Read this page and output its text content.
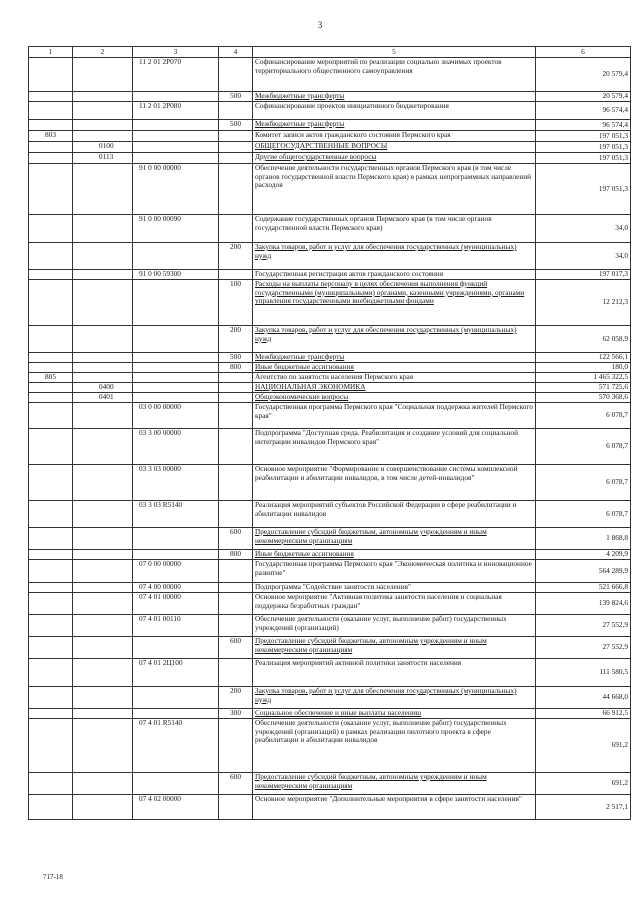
3
1	2	3	4	5	6
		11 2 01 2Р070		Софинансирование мероприятий по реализации социально значимых проектов территориального общественного самоуправления	20 579,4
			500	Межбюджетные трансферты	20 579,4
		11 2 01 2Р080		Софинансирование проектов инициативного бюджетирования	96 574,4
			500	Межбюджетные трансферты	96 574,4
803				Комитет записи актов гражданского состояния Пермского края	197 051,3
	0100			ОБЩЕГОСУДАРСТВЕННЫЕ ВОПРОСЫ	197 051,3
	0113			Другие общегосударственные вопросы	197 051,3
		91 0 00 00000		Обеспечение деятельности государственных органов Пермского края (в том числе органов государственной власти Пермского края) в рамках непрограммных направлений расходов	197 051,3
		91 0 00 00090		Содержание государственных органов Пермского края (в том числе органов государственной власти Пермского края)	34,0
			200	Закупка товаров, работ и услуг для обеспечения государственных (муниципальных) нужд	34,0
		91 0 00 59300		Государственная регистрация актов гражданского состояния	197 017,3
			100	Расходы на выплаты персоналу в целях обеспечения выполнения функций государственными (муниципальными) органами, казенными учреждениями, органами управления государственными внебюджетными фондами	12 212,3
			200	Закупка товаров, работ и услуг для обеспечения государственных (муниципальных) нужд	62 058,9
			500	Межбюджетные трансферты	122 566,1
			800	Иные бюджетные ассигнования	180,0
805				Агентство по занятости населения Пермского края	1 465 322,5
	0400			НАЦИОНАЛЬНАЯ ЭКОНОМИКА	571 725,6
	0401			Общеэкономические вопросы	570 368,6
		03 0 00 00000		Государственная программа Пермского края "Социальная поддержка жителей Пермского края"	6 078,7
		03 3 00 00000		Подпрограмма "Доступная среда. Реабилитация и создание условий для социальной интеграции инвалидов Пермского края"	6 078,7
		03 3 03 00000		Основное мероприятие "Формирование и совершенствование системы комплексной реабилитации и абилитации инвалидов, в том числе детей-инвалидов"	6 078,7
		03 3 03 R5140		Реализация мероприятий субъектов Российской Федерации в сфере реабилитации и абилитации инвалидов	6 078,7
			600	Предоставление субсидий бюджетным, автономным учреждениям и иным некоммерческим организациям	1 868,8
			800	Иные бюджетные ассигнования	4 209,9
		07 0 00 00000		Государственная программа Пермского края "Экономическая политика и инновационное развитие"	564 289,9
		07 4 00 00000		Подпрограмма "Содействие занятости населения"	521 666,8
		07 4 01 00000		Основное мероприятие "Активная политика занятости населения и социальная поддержка безработных граждан"	139 824,6
		07 4 01 00110		Обеспечение деятельности (оказание услуг, выполнение работ) государственных учреждений (организаций)	27 552,9
			600	Предоставление субсидий бюджетным, автономным учреждениям и иным некоммерческим организациям	27 552,9
		07 4 01 2Ц100		Реализация мероприятий активной политики занятости населения	111 580,5
			200	Закупка товаров, работ и услуг для обеспечения государственных (муниципальных) нужд	44 668,0
			300	Социальное обеспечение и иные выплаты населению	66 912,5
		07 4 01 R5140		Обеспечение деятельности (оказание услуг, выполнение работ) государственных учреждений (организаций) в рамках реализации пилотного проекта в сфере реабилитации и абилитации инвалидов	691,2
			600	Предоставление субсидий бюджетным, автономным учреждениям и иным некоммерческим организациям	691,2
		07 4 02 00000		Основное мероприятие "Дополнительные мероприятия в сфере занятости населения"	2 517,1
717-18
